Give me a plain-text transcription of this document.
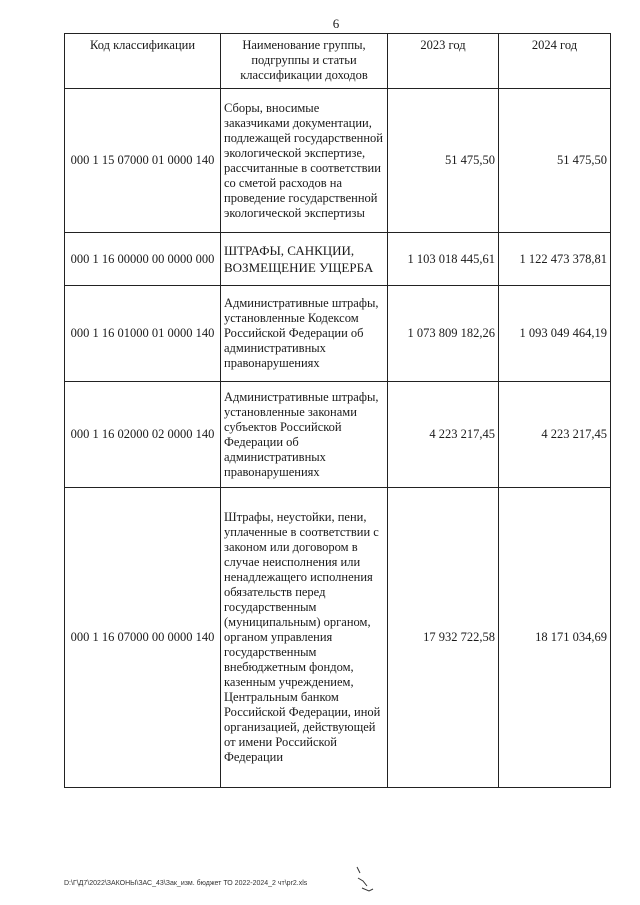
6
Код классификации	Наименование группы, подгруппы и статьи классификации доходов	2023 год	2024 год
000 1 15 07000 01 0000 140	Сборы, вносимые заказчиками документации, подлежащей государственной экологической экспертизе, рассчитанные в соответствии со сметой расходов на проведение государственной экологической экспертизы	51 475,50	51 475,50
000 1 16 00000 00 0000 000	ШТРАФЫ, САНКЦИИ, ВОЗМЕЩЕНИЕ УЩЕРБА	1 103 018 445,61	1 122 473 378,81
000 1 16 01000 01 0000 140	Административные штрафы, установленные Кодексом Российской Федерации об административных правонарушениях	1 073 809 182,26	1 093 049 464,19
000 1 16 02000 02 0000 140	Административные штрафы, установленные законами субъектов Российской Федерации об административных правонарушениях	4 223 217,45	4 223 217,45
000 1 16 07000 00 0000 140	Штрафы, неустойки, пени, уплаченные в соответствии с законом или договором в случае неисполнения или ненадлежащего исполнения обязательств перед государственным (муниципальным) органом, органом управления государственным внебюджетным фондом, казенным учреждением, Центральным банком Российской Федерации, иной организацией, действующей от имени Российской Федерации	17 932 722,58	18 171 034,69
D:\Г\Д7\2022\ЗАКОНЫ\ЗАС_43\Зак_изм. бюджет ТО 2022-2024_2 чт\pr2.xls
